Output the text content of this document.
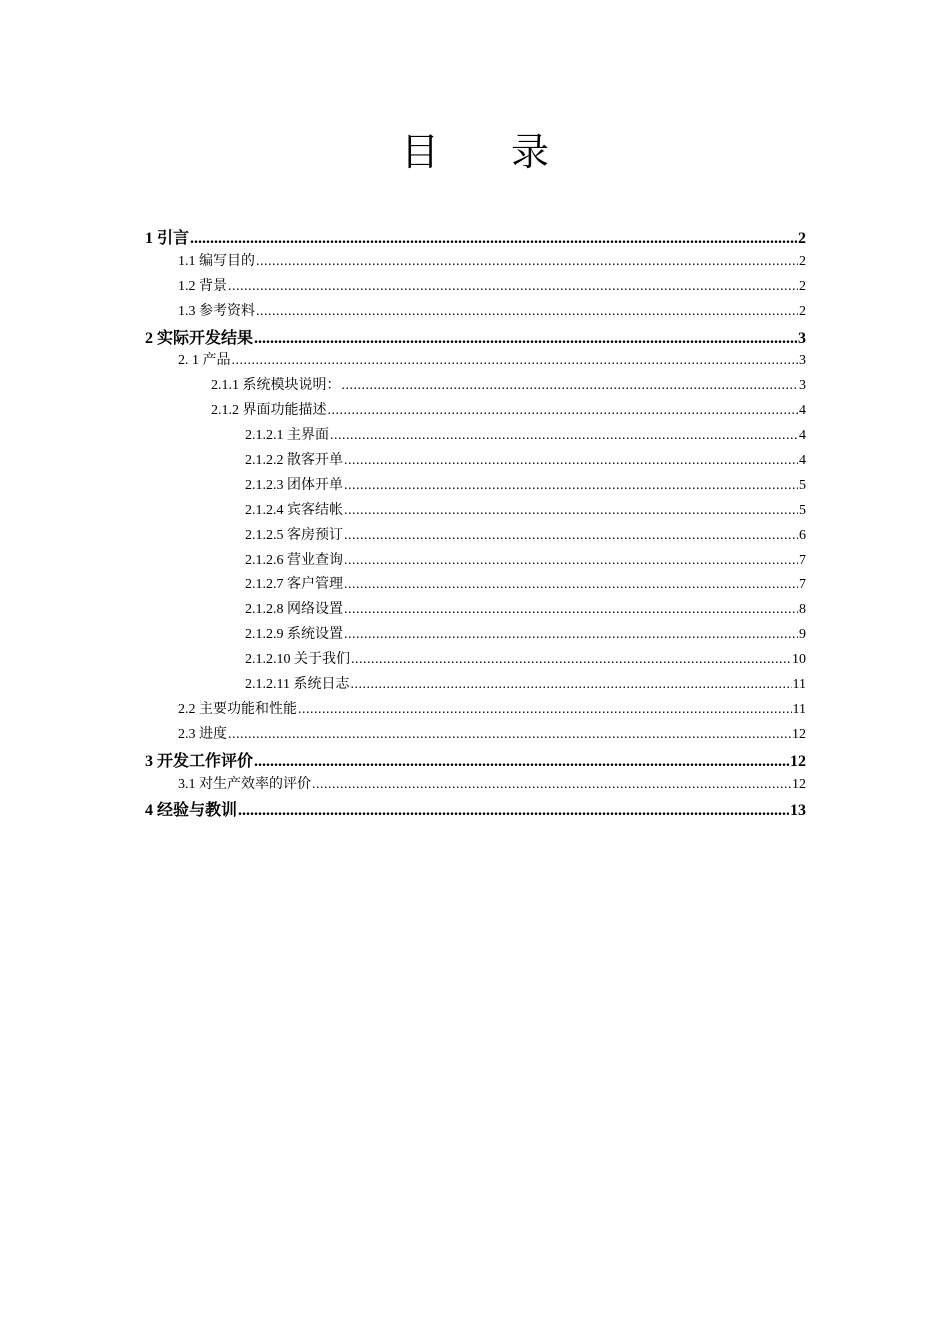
目 录
1 引言 .....	2
1.1 编写目的 .....	2
1.2 背景 .....	2
1.3 参考资料 .....	2
2 实际开发结果 .....	3
2. 1 产品 .....	3
2.1.1 系统模块说明： .....	3
2.1.2 界面功能描述 .....	4
2.1.2.1 主界面 .....	4
2.1.2.2 散客开单 .....	4
2.1.2.3 团体开单 .....	5
2.1.2.4 宾客结帐 .....	5
2.1.2.5 客房预订 .....	6
2.1.2.6 营业查询 .....	7
2.1.2.7 客户管理 .....	7
2.1.2.8 网络设置 .....	8
2.1.2.9 系统设置 .....	9
2.1.2.10 关于我们 .....	10
2.1.2.11 系统日志 .....	11
2.2 主要功能和性能 .....	11
2.3 进度 .....	12
3 开发工作评价 .....	12
3.1 对生产效率的评价 .....	12
4 经验与教训 .....	13
